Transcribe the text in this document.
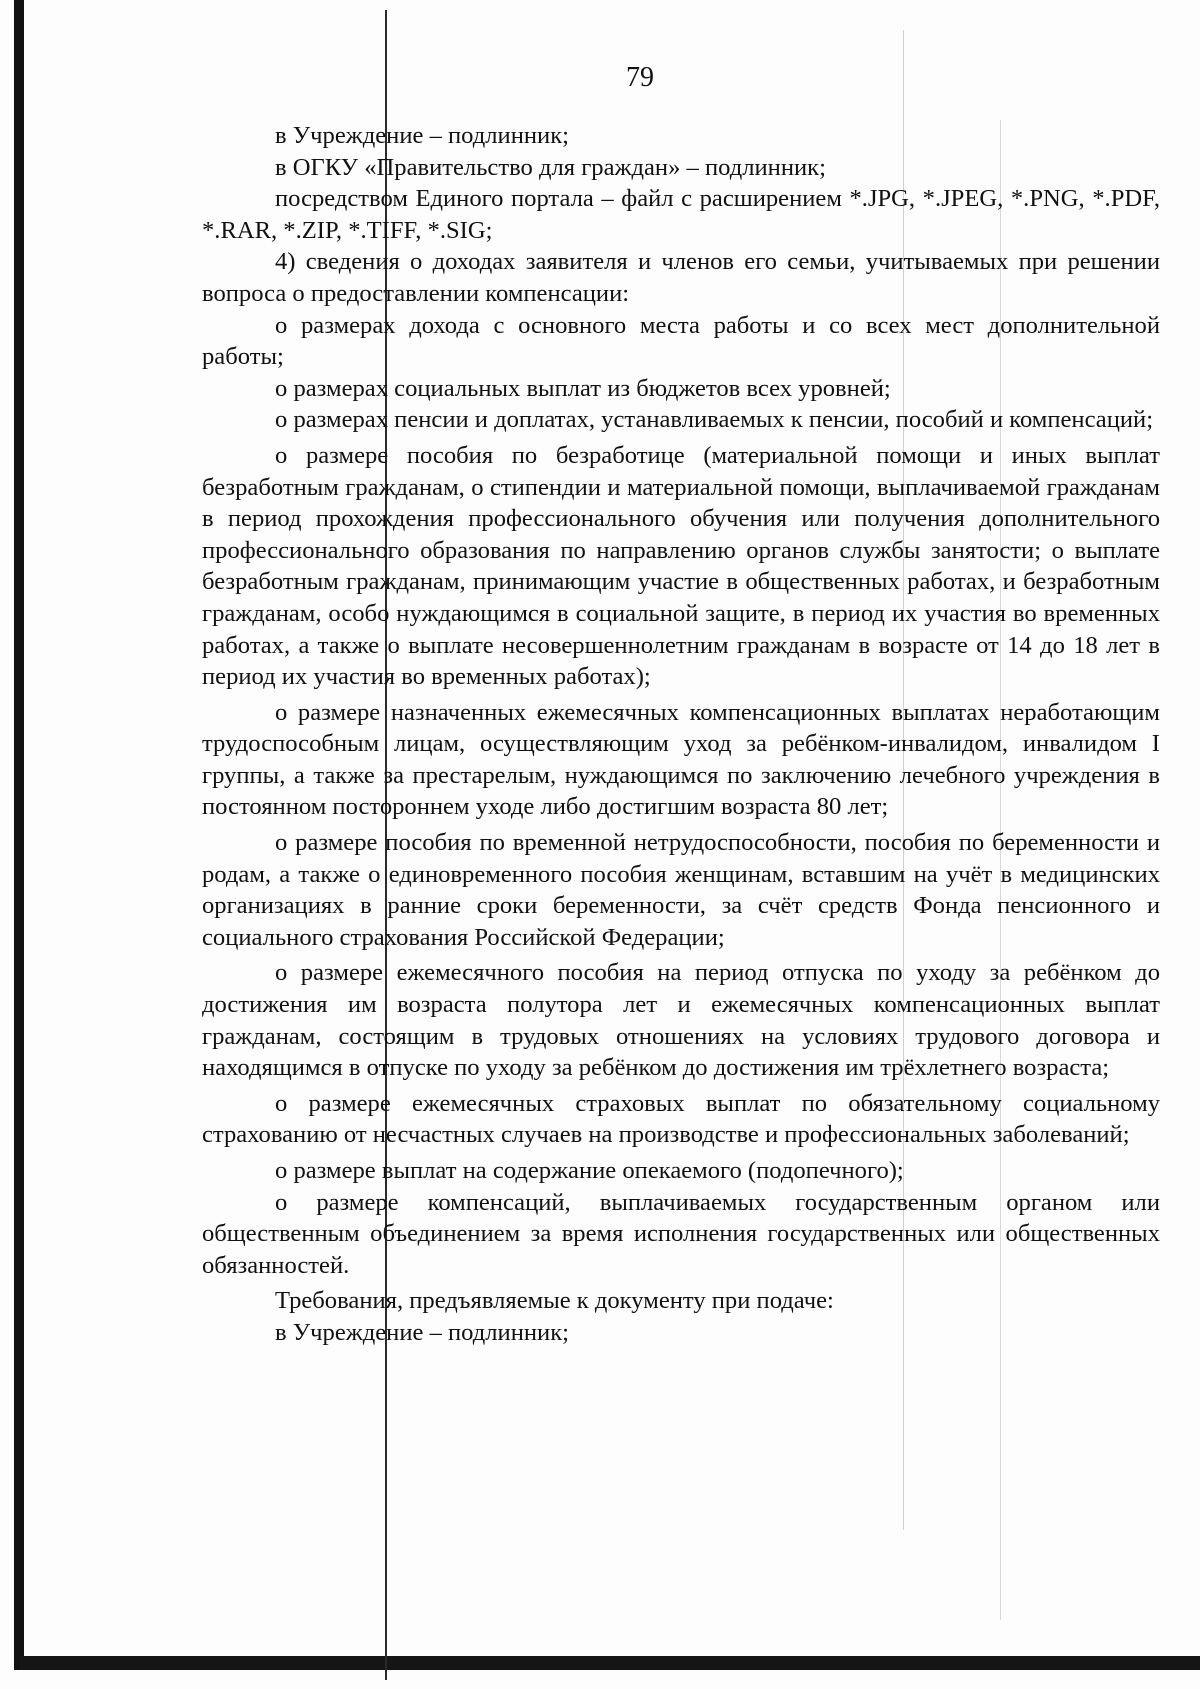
79

в Учреждение – подлинник;

в ОГКУ «Правительство для граждан» – подлинник;

посредством Единого портала – файл с расширением *.JPG, *.JPEG, *.PNG, *.PDF, *.RAR, *.ZIP, *.TIFF, *.SIG;

4) сведения о доходах заявителя и членов его семьи, учитываемых при решении вопроса о предоставлении компенсации:

о размерах дохода с основного места работы и со всех мест дополнительной работы;

о размерах социальных выплат из бюджетов всех уровней;

о размерах пенсии и доплатах, устанавливаемых к пенсии, пособий и компенсаций;

о размере пособия по безработице (материальной помощи и иных выплат безработным гражданам, о стипендии и материальной помощи, выплачиваемой гражданам в период прохождения профессионального обучения или получения дополнительного профессионального образования по направлению органов службы занятости; о выплате безработным гражданам, принимающим участие в общественных работах, и безработным гражданам, особо нуждающимся в социальной защите, в период их участия во временных работах, а также о выплате несовершеннолетним гражданам в возрасте от 14 до 18 лет в период их участия во временных работах);

о размере назначенных ежемесячных компенсационных выплатах неработающим трудоспособным лицам, осуществляющим уход за ребёнком-инвалидом, инвалидом I группы, а также за престарелым, нуждающимся по заключению лечебного учреждения в постоянном постороннем уходе либо достигшим возраста 80 лет;

о размере пособия по временной нетрудоспособности, пособия по беременности и родам, а также о единовременного пособия женщинам, вставшим на учёт в медицинских организациях в ранние сроки беременности, за счёт средств Фонда пенсионного и социального страхования Российской Федерации;

о размере ежемесячного пособия на период отпуска по уходу за ребёнком до достижения им возраста полутора лет и ежемесячных компенсационных выплат гражданам, состоящим в трудовых отношениях на условиях трудового договора и находящимся в отпуске по уходу за ребёнком до достижения им трёхлетнего возраста;

о размере ежемесячных страховых выплат по обязательному социальному страхованию от несчастных случаев на производстве и профессиональных заболеваний;

о размере выплат на содержание опекаемого (подопечного);

о размере компенсаций, выплачиваемых государственным органом или общественным объединением за время исполнения государственных или общественных обязанностей.

Требования, предъявляемые к документу при подаче:

в Учреждение – подлинник;
